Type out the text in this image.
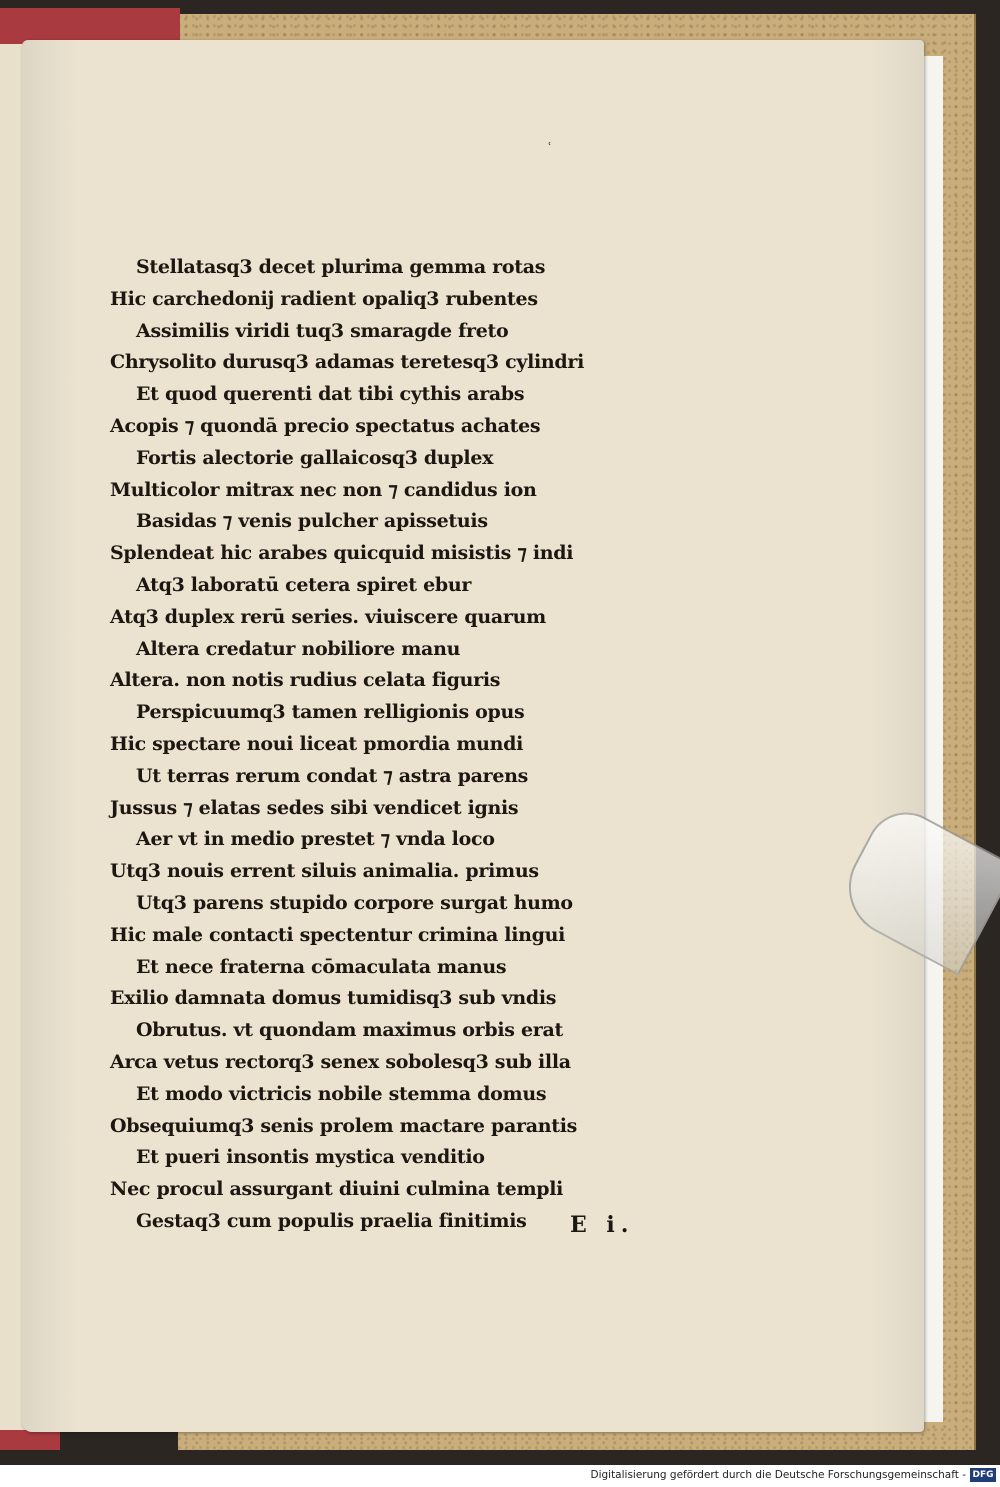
ʿ
Stellatasq3 decet plurima gemma rotas
Hic carchedonij radient opaliq3 rubentes
Assimilis viridi tuq3 smaragde freto
Chrysolito durusq3 adamas teretesq3 cylindri
Et quod querenti dat tibi cythis arabs
Acopis ⁊ quondā precio spectatus achates
Fortis alectorie gallaicosq3 duplex
Multicolor mitrax nec non ⁊ candidus ion
Basidas ⁊ venis pulcher apissetuis
Splendeat hic arabes quicquid misistis ⁊ indi
Atq3 laboratū cetera spiret ebur
Atq3 duplex rerū series. viuiscere quarum
Altera credatur nobiliore manu
Altera. non notis rudius celata figuris
Perspicuumq3 tamen relligionis opus
Hic spectare noui liceat pmordia mundi
Ut terras rerum condat ⁊ astra parens
Jussus ⁊ elatas sedes sibi vendicet ignis
Aer vt in medio prestet ⁊ vnda loco
Utq3 nouis errent siluis animalia. primus
Utq3 parens stupido corpore surgat humo
Hic male contacti spectentur crimina lingui
Et nece fraterna cōmaculata manus
Exilio damnata domus tumidisq3 sub vndis
Obrutus. vt quondam maximus orbis erat
Arca vetus rectorq3 senex sobolesq3 sub illa
Et modo victricis nobile stemma domus
Obsequiumq3 senis prolem mactare parantis
Et pueri insontis mystica venditio
Nec procul assurgant diuini culmina templi
Gestaq3 cum populis praelia finitimis	E i.
Digitalisierung gefördert durch die Deutsche Forschungsgemeinschaft - DFG
